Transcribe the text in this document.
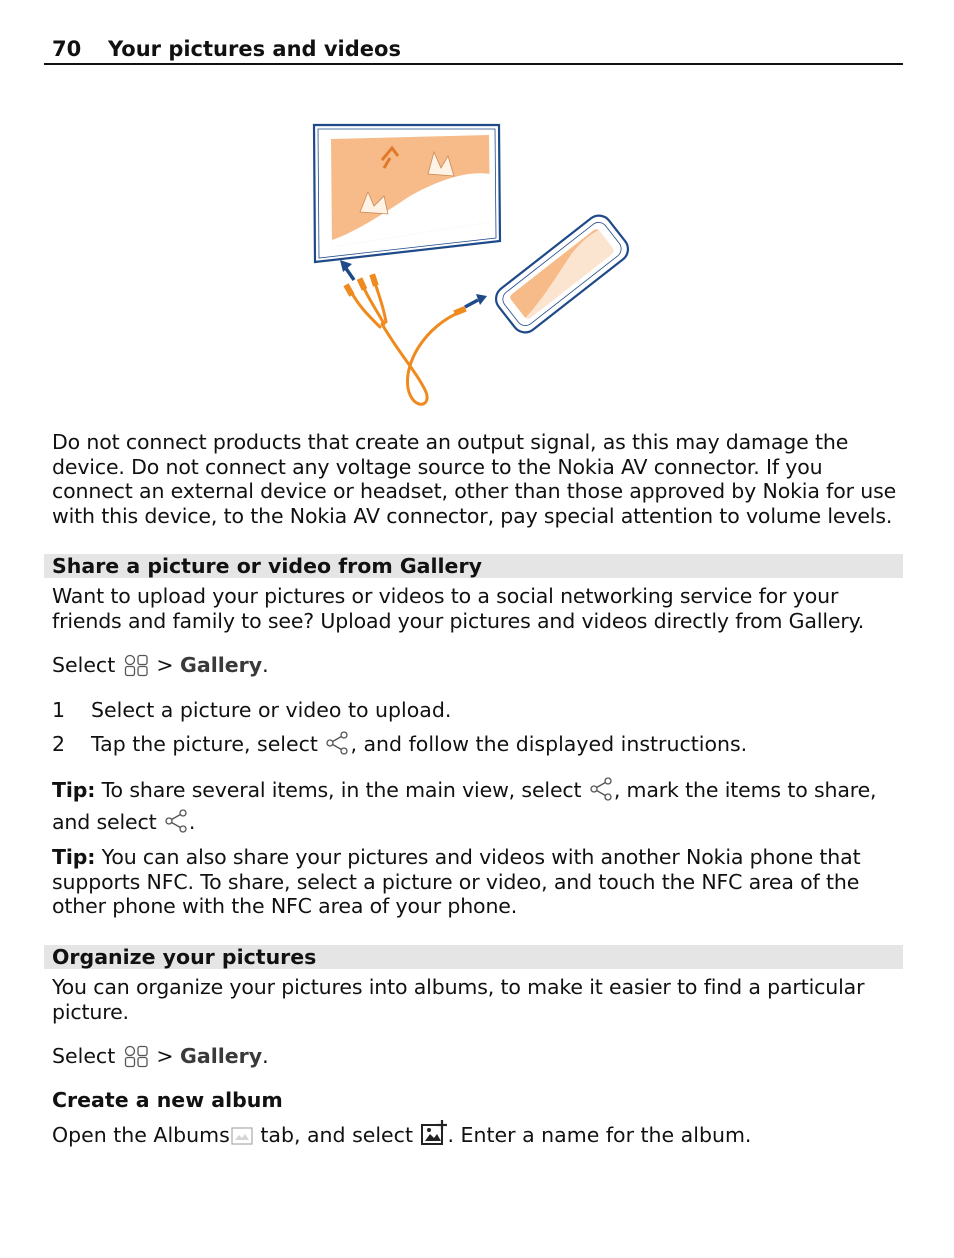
70 Your pictures and videos

Do not connect products that create an output signal, as this may damage the device. Do not connect any voltage source to the Nokia AV connector. If you connect an external device or headset, other than those approved by Nokia for use with this device, to the Nokia AV connector, pay special attention to volume levels.

Share a picture or video from Gallery

Want to upload your pictures or videos to a social networking service for your friends and family to see? Upload your pictures and videos directly from Gallery.

Select > Gallery.
1 Select a picture or video to upload.
2 Tap the picture, select , and follow the displayed instructions.

Tip: To share several items, in the main view, select , mark the items to share, and select .

Tip: You can also share your pictures and videos with another Nokia phone that supports NFC. To share, select a picture or video, and touch the NFC area of the other phone with the NFC area of your phone.

Organize your pictures

You can organize your pictures into albums, to make it easier to find a particular picture.

Select > Gallery.
Create a new album
Open the Albums tab, and select . Enter a name for the album.
